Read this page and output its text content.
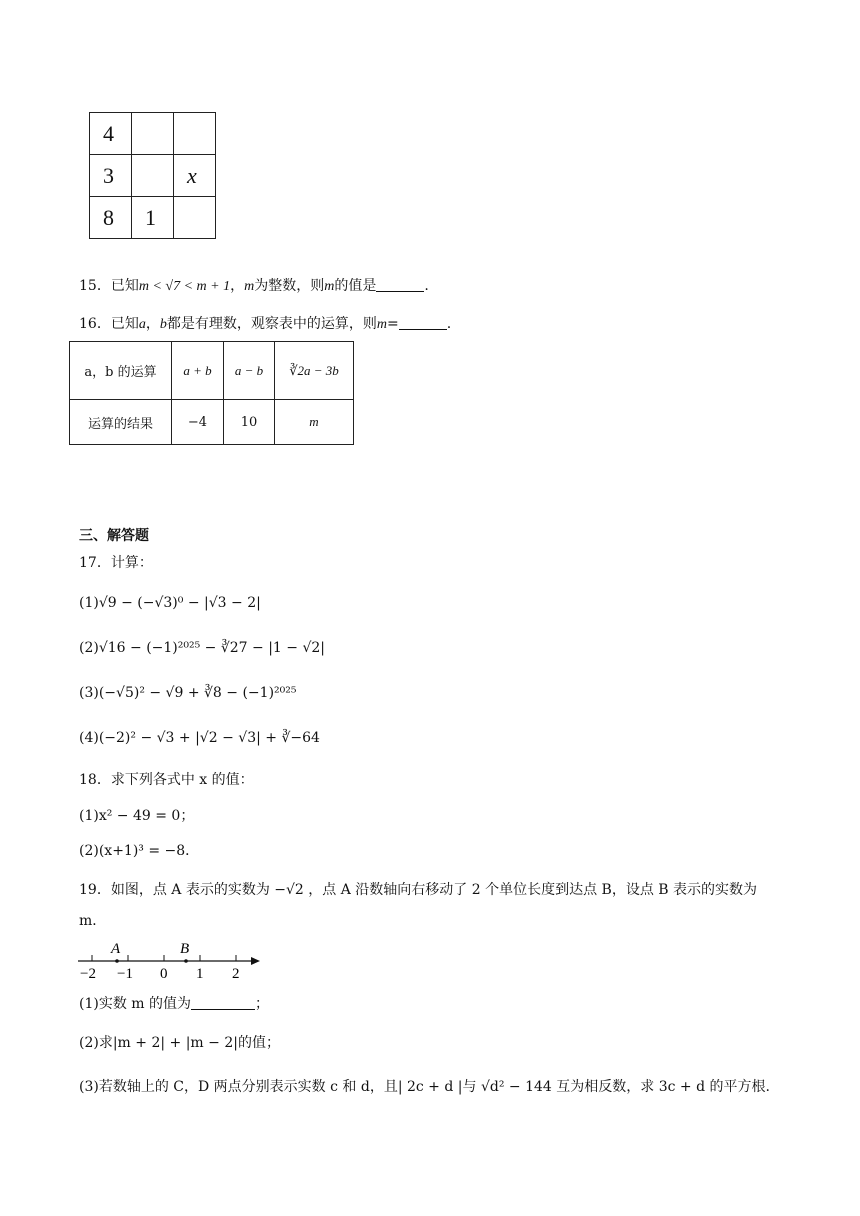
4		
3		x
8	1	
15．已知m < √7 < m + 1，m为整数，则m的值是	.
16．已知a，b都是有理数，观察表中的运算，则m=	.
a，b 的运算	a + b	a − b	∛2a − 3b
运算的结果	−4	10	m
三、解答题
17．计算：
(1)√9 − (−√3)⁰ − |√3 − 2|
(2)√16 − (−1)²⁰²⁵ − ∛27 − |1 − √2|
(3)(−√5)² − √9 + ∛8 − (−1)²⁰²⁵
(4)(−2)² − √3 + |√2 − √3| + ∛−64
18．求下列各式中 x 的值：
(1)x² − 49 = 0；
(2)(x+1)³ = −8．
19．如图，点 A 表示的实数为 −√2 ，点 A 沿数轴向右移动了 2 个单位长度到达点 B，设点 B 表示的实数为
m．
A	B
−2 −1 0 1 2
(1)实数 m 的值为	；
(2)求|m + 2| + |m − 2|的值；
(3)若数轴上的 C，D 两点分别表示实数 c 和 d，且| 2c + d |与 √d² − 144 互为相反数，求 3c + d 的平方根.
